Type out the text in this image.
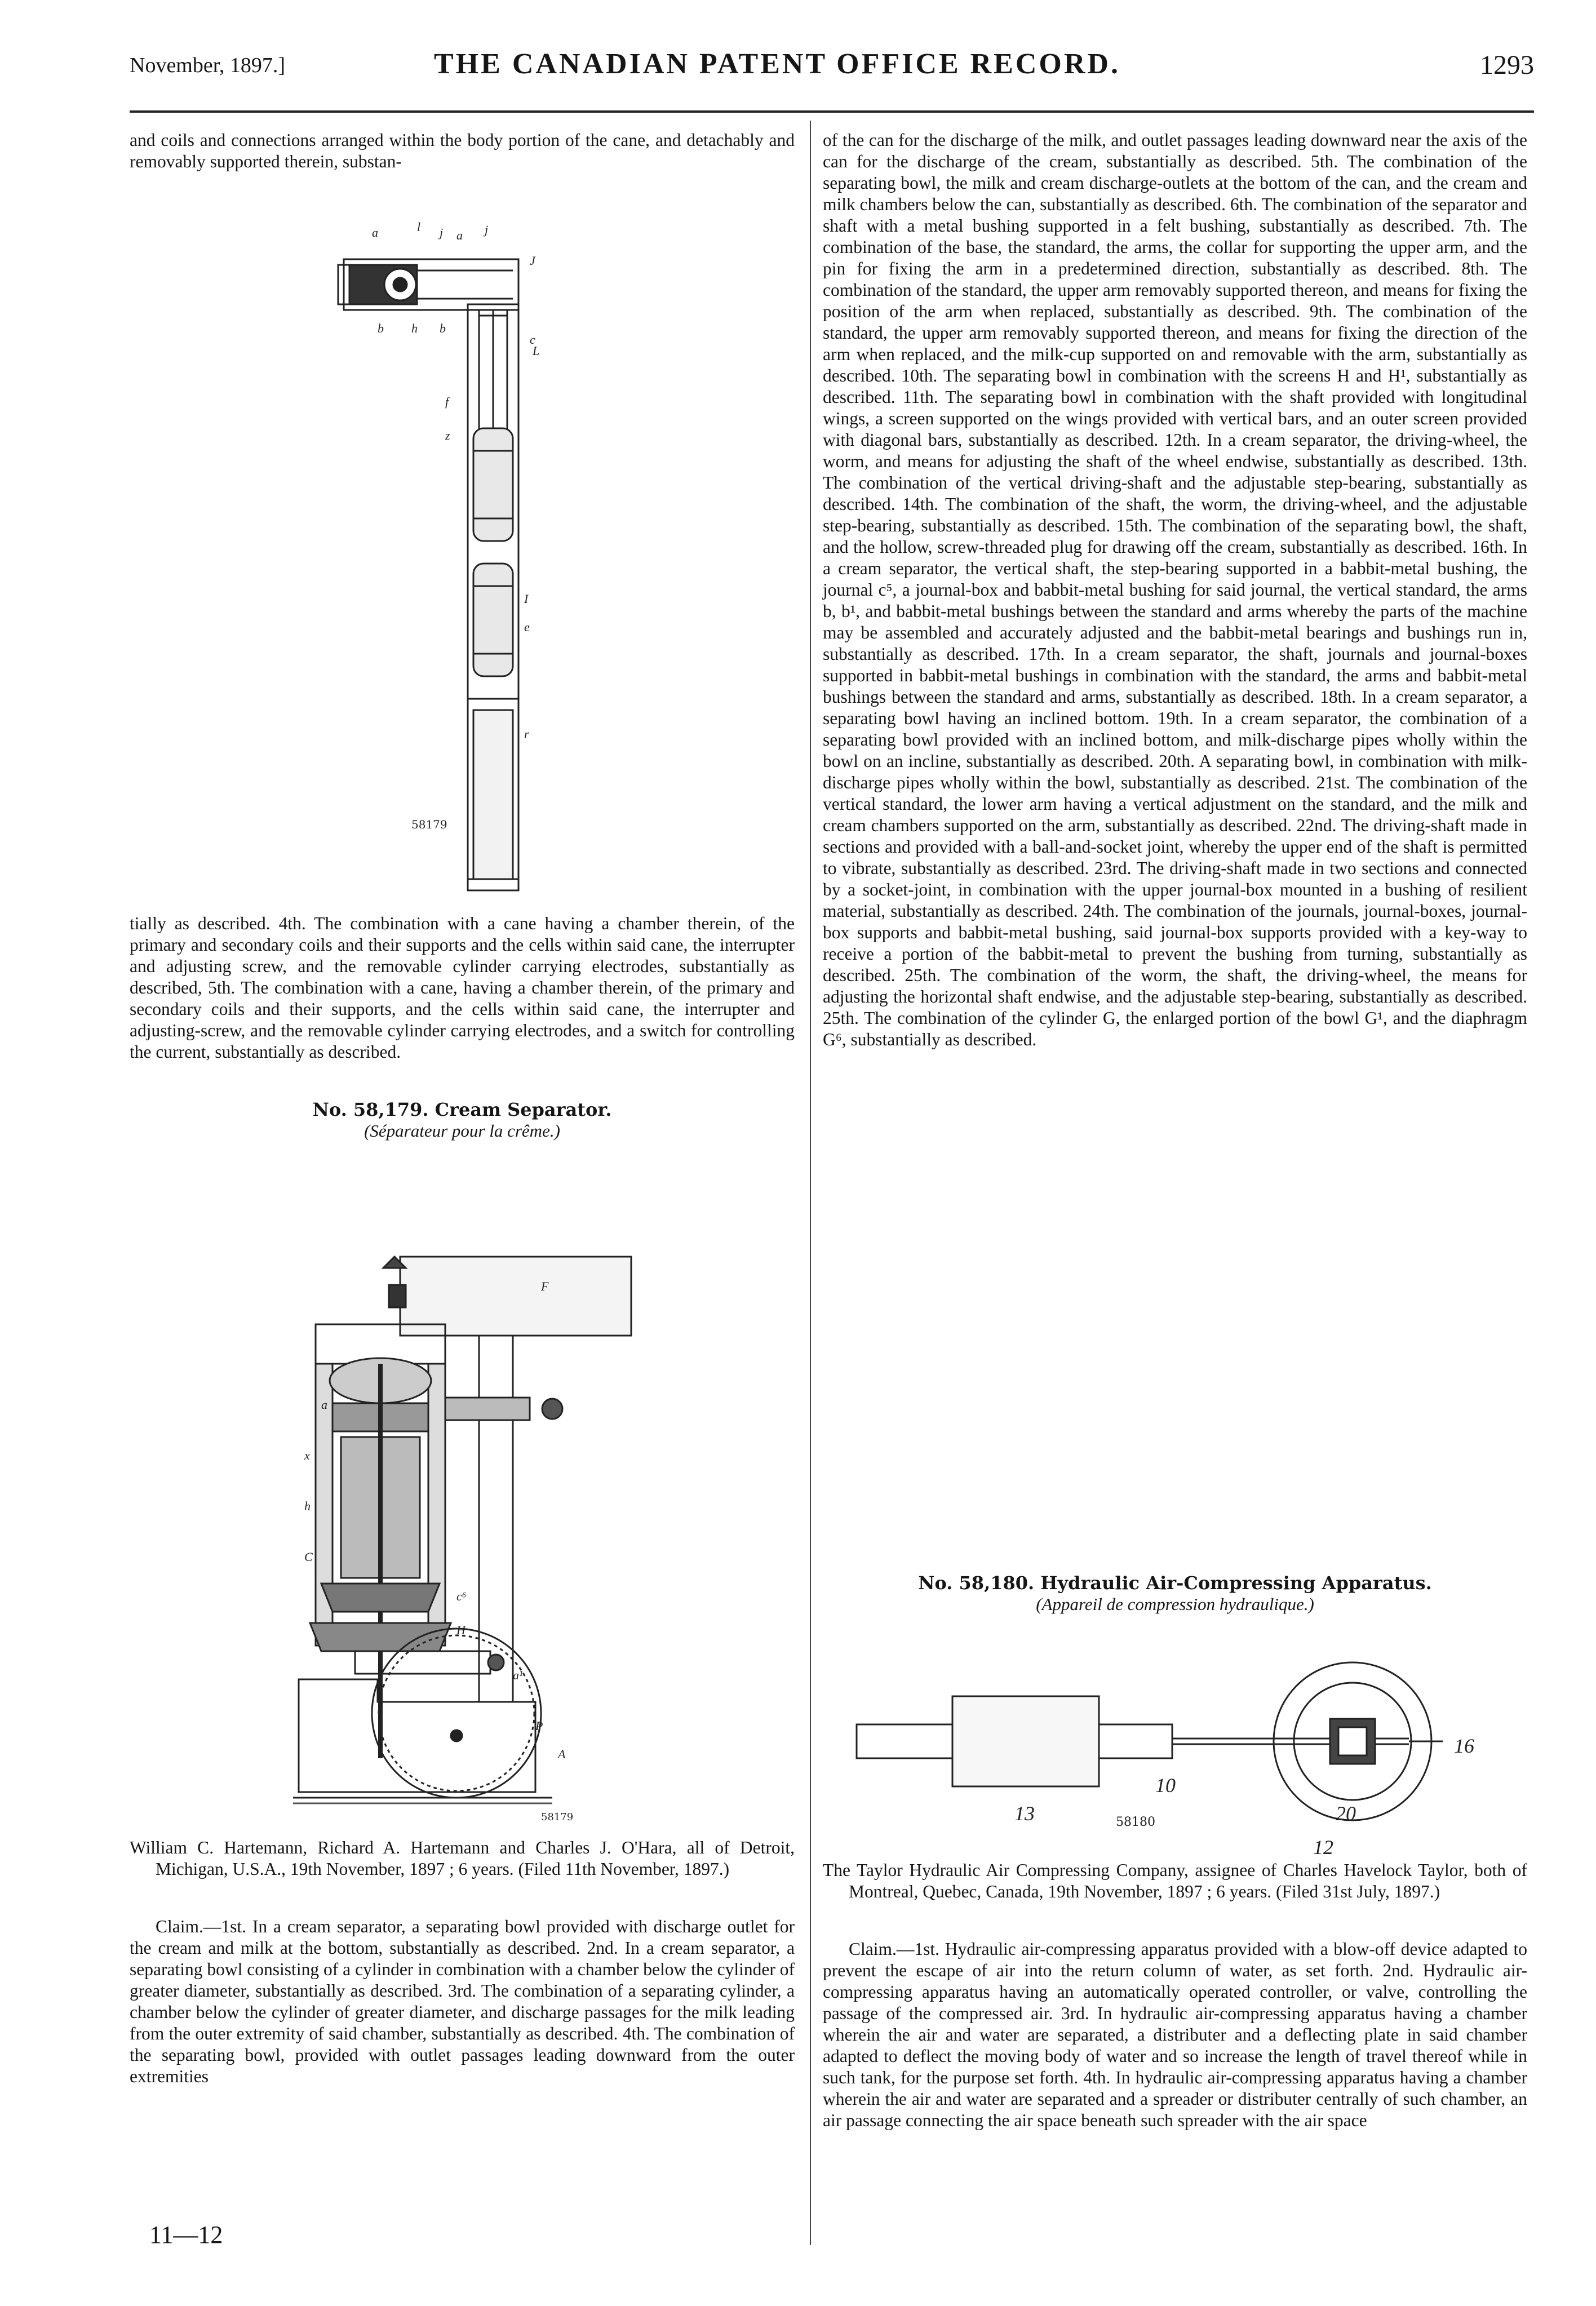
November, 1897.]	THE CANADIAN PATENT OFFICE RECORD.	1293

and coils and connections arranged within the body portion of the cane, and detachably and removably supported therein, substan-

a	l j a j
J
b h b
L
c
f
z
I
e
r
58179

tially as described. 4th. The combination with a cane having a chamber therein, of the primary and secondary coils and their supports and the cells within said cane, the interrupter and adjusting screw, and the removable cylinder carrying electrodes, substantially as described, 5th. The combination with a cane, having a chamber therein, of the primary and secondary coils and their supports, and the cells within said cane, the interrupter and adjusting-screw, and the removable cylinder carrying electrodes, and a switch for controlling the current, substantially as described.

No. 58,179. Cream Separator.

(Séparateur pour la crême.)

F
a
x
h
C
c⁶
H
P
A
a¹
58179

William C. Hartemann, Richard A. Hartemann and Charles J. O'Hara, all of Detroit, Michigan, U.S.A., 19th November, 1897 ; 6 years. (Filed 11th November, 1897.)

Claim.—1st. In a cream separator, a separating bowl provided with discharge outlet for the cream and milk at the bottom, substantially as described. 2nd. In a cream separator, a separating bowl consisting of a cylinder in combination with a chamber below the cylinder of greater diameter, substantially as described. 3rd. The combination of a separating cylinder, a chamber below the cylinder of greater diameter, and discharge passages for the milk leading from the outer extremity of said chamber, substantially as described. 4th. The combination of the separating bowl, provided with outlet passages leading downward from the outer extremities

11—12

of the can for the discharge of the milk, and outlet passages leading downward near the axis of the can for the discharge of the cream, substantially as described. 5th. The combination of the separating bowl, the milk and cream discharge-outlets at the bottom of the can, and the cream and milk chambers below the can, substantially as described. 6th. The combination of the separator and shaft with a metal bushing supported in a felt bushing, substantially as described. 7th. The combination of the base, the standard, the arms, the collar for supporting the upper arm, and the pin for fixing the arm in a predetermined direction, substantially as described. 8th. The combination of the standard, the upper arm removably supported thereon, and means for fixing the position of the arm when replaced, substantially as described. 9th. The combination of the standard, the upper arm removably supported thereon, and means for fixing the direction of the arm when replaced, and the milk-cup supported on and removable with the arm, substantially as described. 10th. The separating bowl in combination with the screens H and H¹, substantially as described. 11th. The separating bowl in combination with the shaft provided with longitudinal wings, a screen supported on the wings provided with vertical bars, and an outer screen provided with diagonal bars, substantially as described. 12th. In a cream separator, the driving-wheel, the worm, and means for adjusting the shaft of the wheel endwise, substantially as described. 13th. The combination of the vertical driving-shaft and the adjustable step-bearing, substantially as described. 14th. The combination of the shaft, the worm, the driving-wheel, and the adjustable step-bearing, substantially as described. 15th. The combination of the separating bowl, the shaft, and the hollow, screw-threaded plug for drawing off the cream, substantially as described. 16th. In a cream separator, the vertical shaft, the step-bearing supported in a babbit-metal bushing, the journal c⁵, a journal-box and babbit-metal bushing for said journal, the vertical standard, the arms b, b¹, and babbit-metal bushings between the standard and arms whereby the parts of the machine may be assembled and accurately adjusted and the babbit-metal bearings and bushings run in, substantially as described. 17th. In a cream separator, the shaft, journals and journal-boxes supported in babbit-metal bushings in combination with the standard, the arms and babbit-metal bushings between the standard and arms, substantially as described. 18th. In a cream separator, a separating bowl having an inclined bottom. 19th. In a cream separator, the combination of a separating bowl provided with an inclined bottom, and milk-discharge pipes wholly within the bowl on an incline, substantially as described. 20th. A separating bowl, in combination with milk-discharge pipes wholly within the bowl, substantially as described. 21st. The combination of the vertical standard, the lower arm having a vertical adjustment on the standard, and the milk and cream chambers supported on the arm, substantially as described. 22nd. The driving-shaft made in sections and provided with a ball-and-socket joint, whereby the upper end of the shaft is permitted to vibrate, substantially as described. 23rd. The driving-shaft made in two sections and connected by a socket-joint, in combination with the upper journal-box mounted in a bushing of resilient material, substantially as described. 24th. The combination of the journals, journal-boxes, journal-box supports and babbit-metal bushing, said journal-box supports provided with a key-way to receive a portion of the babbit-metal to prevent the bushing from turning, substantially as described. 25th. The combination of the worm, the shaft, the driving-wheel, the means for adjusting the horizontal shaft endwise, and the adjustable step-bearing, substantially as described. 25th. The combination of the cylinder G, the enlarged portion of the bowl G¹, and the diaphragm G⁶, substantially as described.

No. 58,180. Hydraulic Air-Compressing Apparatus.

(Appareil de compression hydraulique.)

13
10
16
20
12
58180

The Taylor Hydraulic Air Compressing Company, assignee of Charles Havelock Taylor, both of Montreal, Quebec, Canada, 19th November, 1897 ; 6 years. (Filed 31st July, 1897.)

Claim.—1st. Hydraulic air-compressing apparatus provided with a blow-off device adapted to prevent the escape of air into the return column of water, as set forth. 2nd. Hydraulic air-compressing apparatus having an automatically operated controller, or valve, controlling the passage of the compressed air. 3rd. In hydraulic air-compressing apparatus having a chamber wherein the air and water are separated, a distributer and a deflecting plate in said chamber adapted to deflect the moving body of water and so increase the length of travel thereof while in such tank, for the purpose set forth. 4th. In hydraulic air-compressing apparatus having a chamber wherein the air and water are separated and a spreader or distributer centrally of such chamber, an air passage connecting the air space beneath such spreader with the air space
